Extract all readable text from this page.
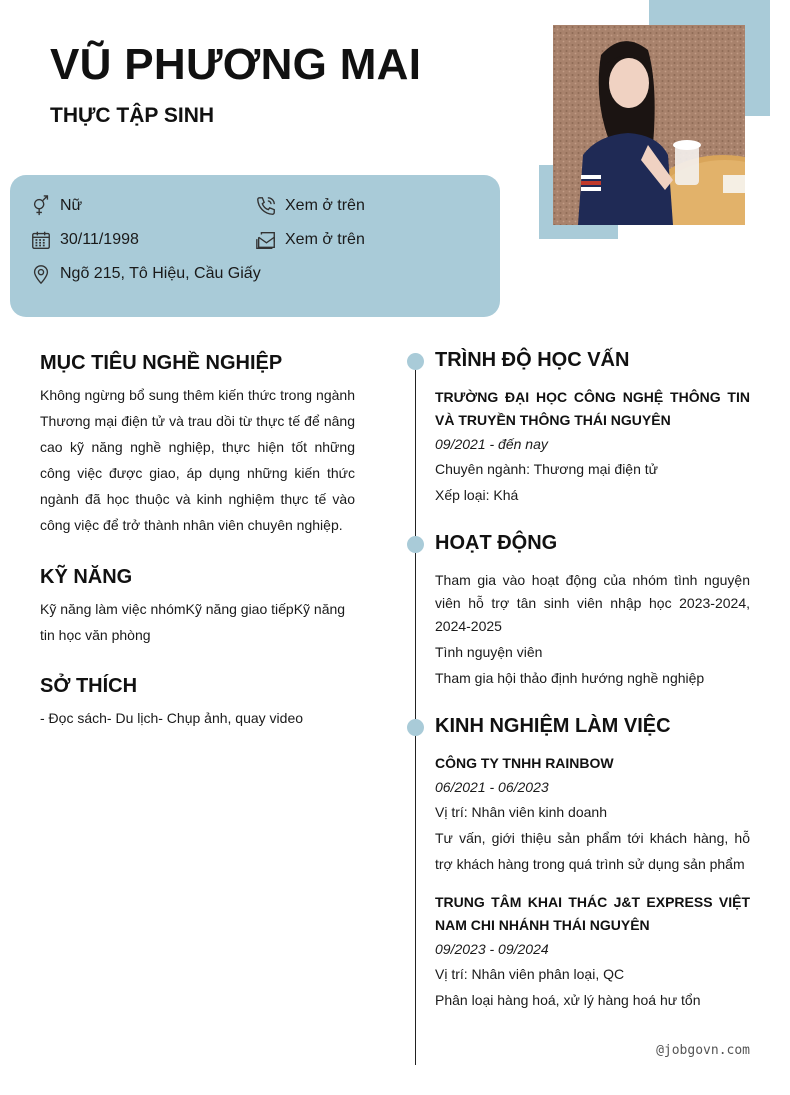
VŨ PHƯƠNG MAI
THỰC TẬP SINH
Nữ	Xem ở trên
30/11/1998	Xem ở trên
Ngõ 215, Tô Hiệu, Cầu Giấy
MỤC TIÊU NGHỀ NGHIỆP
Không ngừng bổ sung thêm kiến thức trong ngành Thương mại điện tử và trau dồi từ thực tế để nâng cao kỹ năng nghề nghiệp, thực hiện tốt những công việc được giao, áp dụng những kiến thức ngành đã học thuộc và kinh nghiệm thực tế vào công việc để trở thành nhân viên chuyên nghiệp.
KỸ NĂNG
Kỹ năng làm việc nhómKỹ năng giao tiếpKỹ năng tin học văn phòng
SỞ THÍCH
- Đọc sách- Du lịch- Chụp ảnh, quay video
TRÌNH ĐỘ HỌC VẤN
TRƯỜNG ĐẠI HỌC CÔNG NGHỆ THÔNG TIN VÀ TRUYỀN THÔNG THÁI NGUYÊN
09/2021 - đến nay
Chuyên ngành: Thương mại điện tử
Xếp loại: Khá
HOẠT ĐỘNG
Tham gia vào hoạt động của nhóm tình nguyện viên hỗ trợ tân sinh viên nhập học 2023-2024, 2024-2025
Tình nguyện viên
Tham gia hội thảo định hướng nghề nghiệp
KINH NGHIỆM LÀM VIỆC
CÔNG TY TNHH RAINBOW
06/2021 - 06/2023
Vị trí: Nhân viên kinh doanh
Tư vấn, giới thiệu sản phẩm tới khách hàng, hỗ trợ khách hàng trong quá trình sử dụng sản phẩm
TRUNG TÂM KHAI THÁC J&T EXPRESS VIỆT NAM CHI NHÁNH THÁI NGUYÊN
09/2023 - 09/2024
Vị trí: Nhân viên phân loại, QC
Phân loại hàng hoá, xử lý hàng hoá hư tổn
@jobgovn.com
